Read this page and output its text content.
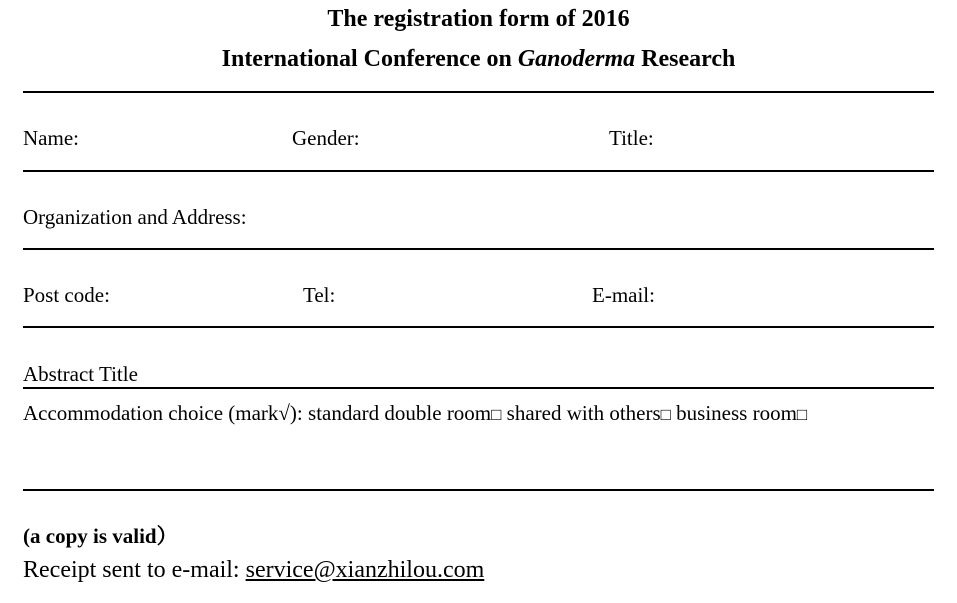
The registration form of 2016
International Conference on Ganoderma Research
Name:	Gender:	Title:
Organization and Address:
Post code:	Tel:	E-mail:
Abstract Title
Accommodation choice (mark√): standard double room□ shared with others□ business room□
(a copy is valid）
Receipt sent to e-mail: service@xianzhilou.com
